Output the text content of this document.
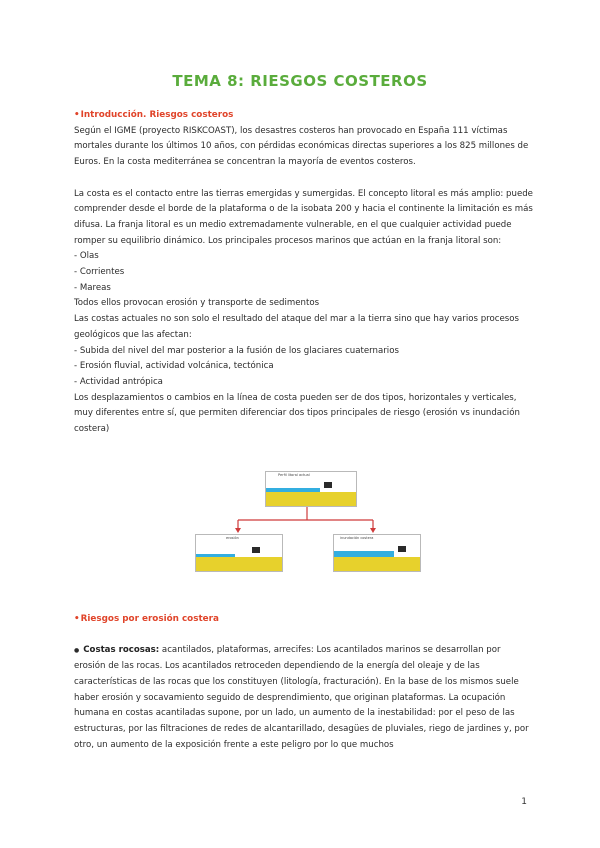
TEMA 8: RIESGOS COSTEROS
•Introducción. Riesgos costeros

Según el IGME (proyecto RISKCOAST), los desastres costeros han provocado en España 111 víctimas mortales durante los últimos 10 años, con pérdidas económicas directas superiores a los 825 millones de Euros. En la costa mediterránea se concentran la mayoría de eventos costeros.

La costa es el contacto entre las tierras emergidas y sumergidas. El concepto litoral es más amplio: puede comprender desde el borde de la plataforma o de la isobata 200 y hacia el continente la limitación es más difusa. La franja litoral es un medio extremadamente vulnerable, en el que cualquier actividad puede romper su equilibrio dinámico. Los principales procesos marinos que actúan en la franja litoral son:

- Olas

- Corrientes

- Mareas

Todos ellos provocan erosión y transporte de sedimentos

Las costas actuales no son solo el resultado del ataque del mar a la tierra sino que hay varios procesos geológicos que las afectan:

- Subida del nivel del mar posterior a la fusión de los glaciares cuaternarios

- Erosión fluvial, actividad volcánica, tectónica

- Actividad antrópica

Los desplazamientos o cambios en la línea de costa pueden ser de dos tipos, horizontales y verticales, muy diferentes entre sí, que permiten diferenciar dos tipos principales de riesgo (erosión vs inundación costera)

Perfil litoral actual
erosión	inundación costera
•Riesgos por erosión costera

● Costas rocosas: acantilados, plataformas, arrecifes: Los acantilados marinos se desarrollan por erosión de las rocas. Los acantilados retroceden dependiendo de la energía del oleaje y de las características de las rocas que los constituyen (litología, fracturación). En la base de los mismos suele haber erosión y socavamiento seguido de desprendimiento, que originan plataformas. La ocupación humana en costas acantiladas supone, por un lado, un aumento de la inestabilidad: por el peso de las estructuras, por las filtraciones de redes de alcantarillado, desagües de pluviales, riego de jardines y, por otro, un aumento de la exposición frente a este peligro por lo que muchos

1
